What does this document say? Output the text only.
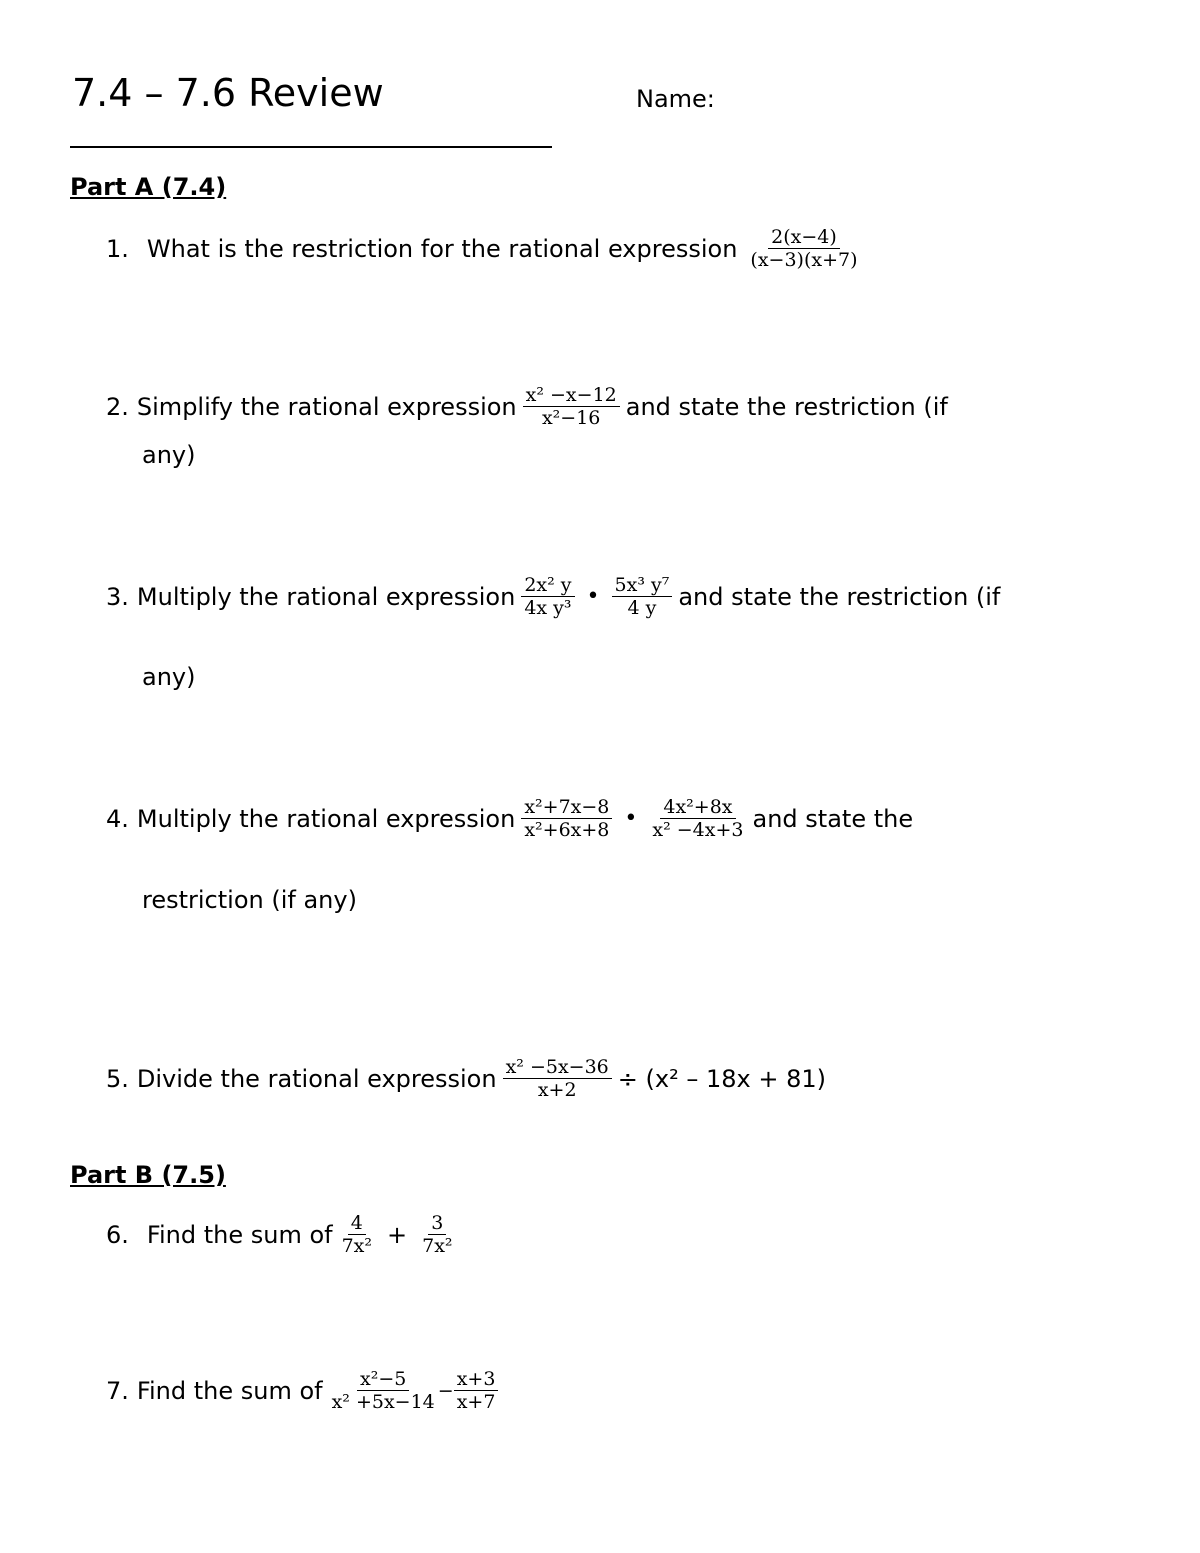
7.4 – 7.6 Review	Name:
Part A (7.4)
1. What is the restriction for the rational expression $\frac{2(x-4)}{(x-3)(x+7)}$
2. Simplify the rational expression $\frac{\text{x² −x−12}}{\text{x²−16}}$ and state the restriction (if
any)
3. Multiply the rational expression $\frac{\text{2x² y}}{\text{4x y³}}$ • $\frac{\text{5x³ y⁷}}{4 y}$ and state the restriction (if
any)
4. Multiply the rational expression $\frac{\text{x²+7x−8}}{\text{x²+6x+8}}$ • $\frac{\text{4x²+8x}}{\text{x² −4x+3}}$ and state the
restriction (if any)
5. Divide the rational expression $\frac{\text{x² −5x−36}}{x+2} \div (x^2 - 18x + 81)$
Part B (7.5)
6. Find the sum of $\frac{4}{\text{7x²}} + \frac{3}{\text{7x²}}$
7. Find the sum of $\frac{\text{x²−5}}{\text{x² +5x−14}} - \frac{x+3}{x+7}$
